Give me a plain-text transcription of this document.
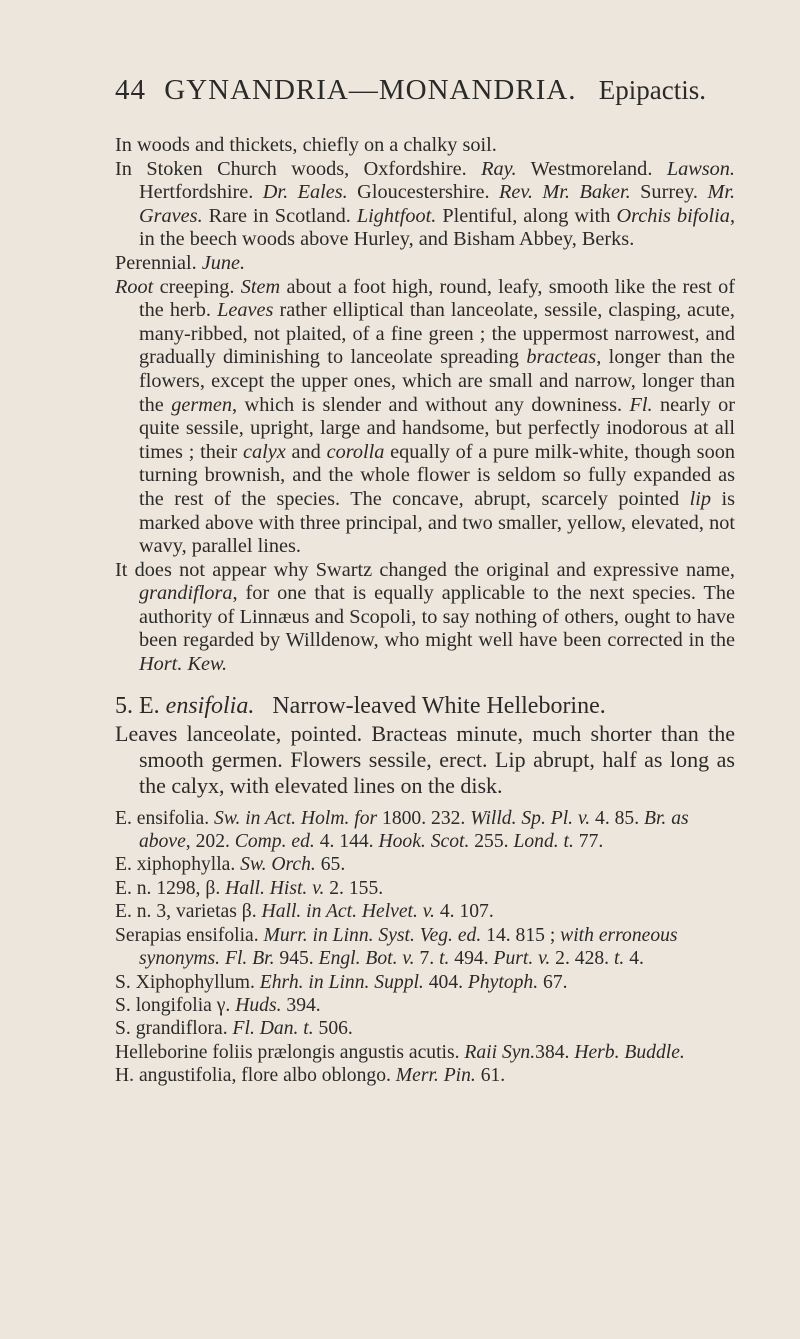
44 GYNANDRIA—MONANDRIA. Epipactis.

In woods and thickets, chiefly on a chalky soil.

In Stoken Church woods, Oxfordshire. Ray. Westmoreland. Lawson. Hertfordshire. Dr. Eales. Gloucestershire. Rev. Mr. Baker. Surrey. Mr. Graves. Rare in Scotland. Lightfoot. Plentiful, along with Orchis bifolia, in the beech woods above Hurley, and Bisham Abbey, Berks.

Perennial. June.

Root creeping. Stem about a foot high, round, leafy, smooth like the rest of the herb. Leaves rather elliptical than lanceolate, sessile, clasping, acute, many-ribbed, not plaited, of a fine green ; the uppermost narrowest, and gradually diminishing to lanceolate spreading bracteas, longer than the flowers, except the upper ones, which are small and narrow, longer than the germen, which is slender and without any downiness. Fl. nearly or quite sessile, upright, large and handsome, but perfectly inodorous at all times ; their calyx and corolla equally of a pure milk-white, though soon turning brownish, and the whole flower is seldom so fully expanded as the rest of the species. The concave, abrupt, scarcely pointed lip is marked above with three principal, and two smaller, yellow, elevated, not wavy, parallel lines.

It does not appear why Swartz changed the original and expressive name, grandiflora, for one that is equally applicable to the next species. The authority of Linnæus and Scopoli, to say nothing of others, ought to have been regarded by Willdenow, who might well have been corrected in the Hort. Kew.

5. E. ensifolia.   Narrow-leaved White Helleborine.

Leaves lanceolate, pointed. Bracteas minute, much shorter than the smooth germen. Flowers sessile, erect. Lip abrupt, half as long as the calyx, with elevated lines on the disk.

E. ensifolia. Sw. in Act. Holm. for 1800. 232. Willd. Sp. Pl. v. 4. 85. Br. as above, 202. Comp. ed. 4. 144. Hook. Scot. 255. Lond. t. 77.

E. xiphophylla. Sw. Orch. 65.

E. n. 1298, β. Hall. Hist. v. 2. 155.

E. n. 3, varietas β. Hall. in Act. Helvet. v. 4. 107.

Serapias ensifolia. Murr. in Linn. Syst. Veg. ed. 14. 815 ; with erroneous synonyms. Fl. Br. 945. Engl. Bot. v. 7. t. 494. Purt. v. 2. 428. t. 4.

S. Xiphophyllum. Ehrh. in Linn. Suppl. 404. Phytoph. 67.

S. longifolia γ. Huds. 394.

S. grandiflora. Fl. Dan. t. 506.

Helleborine foliis prælongis angustis acutis. Raii Syn.384. Herb. Buddle.

H. angustifolia, flore albo oblongo. Merr. Pin. 61.
